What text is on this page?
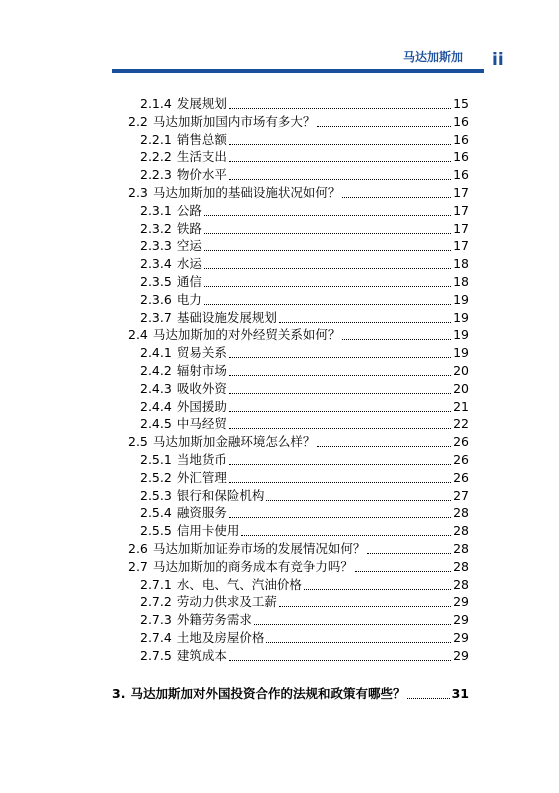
马达加斯加 ii
2.1.4 发展规划	15
2.2 马达加斯加国内市场有多大？	16
2.2.1 销售总额	16
2.2.2 生活支出	16
2.2.3 物价水平	16
2.3 马达加斯加的基础设施状况如何？	17
2.3.1 公路	17
2.3.2 铁路	17
2.3.3 空运	17
2.3.4 水运	18
2.3.5 通信	18
2.3.6 电力	19
2.3.7 基础设施发展规划	19
2.4 马达加斯加的对外经贸关系如何？	19
2.4.1 贸易关系	19
2.4.2 辐射市场	20
2.4.3 吸收外资	20
2.4.4 外国援助	21
2.4.5 中马经贸	22
2.5 马达加斯加金融环境怎么样？	26
2.5.1 当地货币	26
2.5.2 外汇管理	26
2.5.3 银行和保险机构	27
2.5.4 融资服务	28
2.5.5 信用卡使用	28
2.6 马达加斯加证券市场的发展情况如何？	28
2.7 马达加斯加的商务成本有竞争力吗？	28
2.7.1 水、电、气、汽油价格	28
2.7.2 劳动力供求及工薪	29
2.7.3 外籍劳务需求	29
2.7.4 土地及房屋价格	29
2.7.5 建筑成本	29
3. 马达加斯加对外国投资合作的法规和政策有哪些？	31
